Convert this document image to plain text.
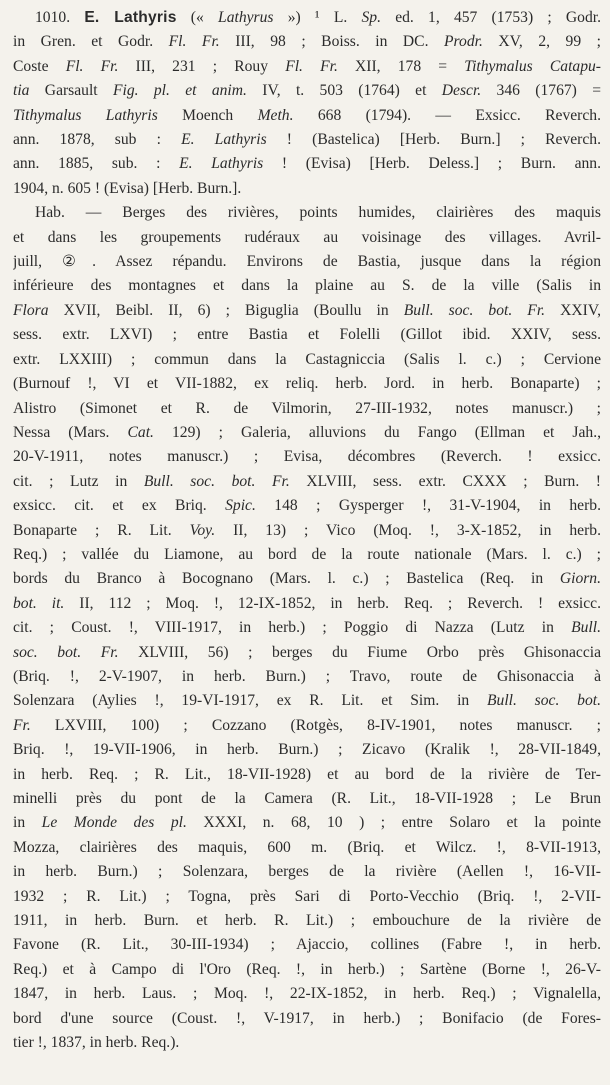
1010. E. Lathyris (« Lathyrus ») ¹ L. Sp. ed. 1, 457 (1753) ; Godr.
in Gren. et Godr. Fl. Fr. III, 98 ; Boiss. in DC. Prodr. XV, 2, 99 ;
Coste Fl. Fr. III, 231 ; Rouy Fl. Fr. XII, 178 = Tithymalus Catapu-
tia Garsault Fig. pl. et anim. IV, t. 503 (1764) et Descr. 346 (1767) =
Tithymalus Lathyris Moench Meth. 668 (1794). — Exsicc. Reverch.
ann. 1878, sub : E. Lathyris ! (Bastelica) [Herb. Burn.] ; Reverch.
ann. 1885, sub. : E. Lathyris ! (Evisa) [Herb. Deless.] ; Burn. ann.
1904, n. 605 ! (Evisa) [Herb. Burn.].
Hab. — Berges des rivières, points humides, clairières des maquis
et dans les groupements rudéraux au voisinage des villages. Avril-
juill, ②. Assez répandu. Environs de Bastia, jusque dans la région
inférieure des montagnes et dans la plaine au S. de la ville (Salis in
Flora XVII, Beibl. II, 6) ; Biguglia (Boullu in Bull. soc. bot. Fr. XXIV,
sess. extr. LXVI) ; entre Bastia et Folelli (Gillot ibid. XXIV, sess.
extr. LXXIII) ; commun dans la Castagniccia (Salis l. c.) ; Cervione
(Burnouf !, VI et VII-1882, ex reliq. herb. Jord. in herb. Bonaparte) ;
Alistro (Simonet et R. de Vilmorin, 27-III-1932, notes manuscr.) ;
Nessa (Mars. Cat. 129) ; Galeria, alluvions du Fango (Ellman et Jah.,
20-V-1911, notes manuscr.) ; Evisa, décombres (Reverch. ! exsicc.
cit. ; Lutz in Bull. soc. bot. Fr. XLVIII, sess. extr. CXXX ; Burn. !
exsicc. cit. et ex Briq. Spic. 148 ; Gysperger !, 31-V-1904, in herb.
Bonaparte ; R. Lit. Voy. II, 13) ; Vico (Moq. !, 3-X-1852, in herb.
Req.) ; vallée du Liamone, au bord de la route nationale (Mars. l. c.) ;
bords du Branco à Bocognano (Mars. l. c.) ; Bastelica (Req. in Giorn.
bot. it. II, 112 ; Moq. !, 12-IX-1852, in herb. Req. ; Reverch. ! exsicc.
cit. ; Coust. !, VIII-1917, in herb.) ; Poggio di Nazza (Lutz in Bull.
soc. bot. Fr. XLVIII, 56) ; berges du Fiume Orbo près Ghisonaccia
(Briq. !, 2-V-1907, in herb. Burn.) ; Travo, route de Ghisonaccia à
Solenzara (Aylies !, 19-VI-1917, ex R. Lit. et Sim. in Bull. soc. bot.
Fr. LXVIII, 100) ; Cozzano (Rotgès, 8-IV-1901, notes manuscr. ;
Briq. !, 19-VII-1906, in herb. Burn.) ; Zicavo (Kralik !, 28-VII-1849,
in herb. Req. ; R. Lit., 18-VII-1928) et au bord de la rivière de Ter-
minelli près du pont de la Camera (R. Lit., 18-VII-1928 ; Le Brun
in Le Monde des pl. XXXI, n. 68, 10 ) ; entre Solaro et la pointe
Mozza, clairières des maquis, 600 m. (Briq. et Wilcz. !, 8-VII-1913,
in herb. Burn.) ; Solenzara, berges de la rivière (Aellen !, 16-VII-
1932 ; R. Lit.) ; Togna, près Sari di Porto-Vecchio (Briq. !, 2-VII-
1911, in herb. Burn. et herb. R. Lit.) ; embouchure de la rivière de
Favone (R. Lit., 30-III-1934) ; Ajaccio, collines (Fabre !, in herb.
Req.) et à Campo di l'Oro (Req. !, in herb.) ; Sartène (Borne !, 26-V-
1847, in herb. Laus. ; Moq. !, 22-IX-1852, in herb. Req.) ; Vignalella,
bord d'une source (Coust. !, V-1917, in herb.) ; Bonifacio (de Fores-
tier !, 1837, in herb. Req.).
